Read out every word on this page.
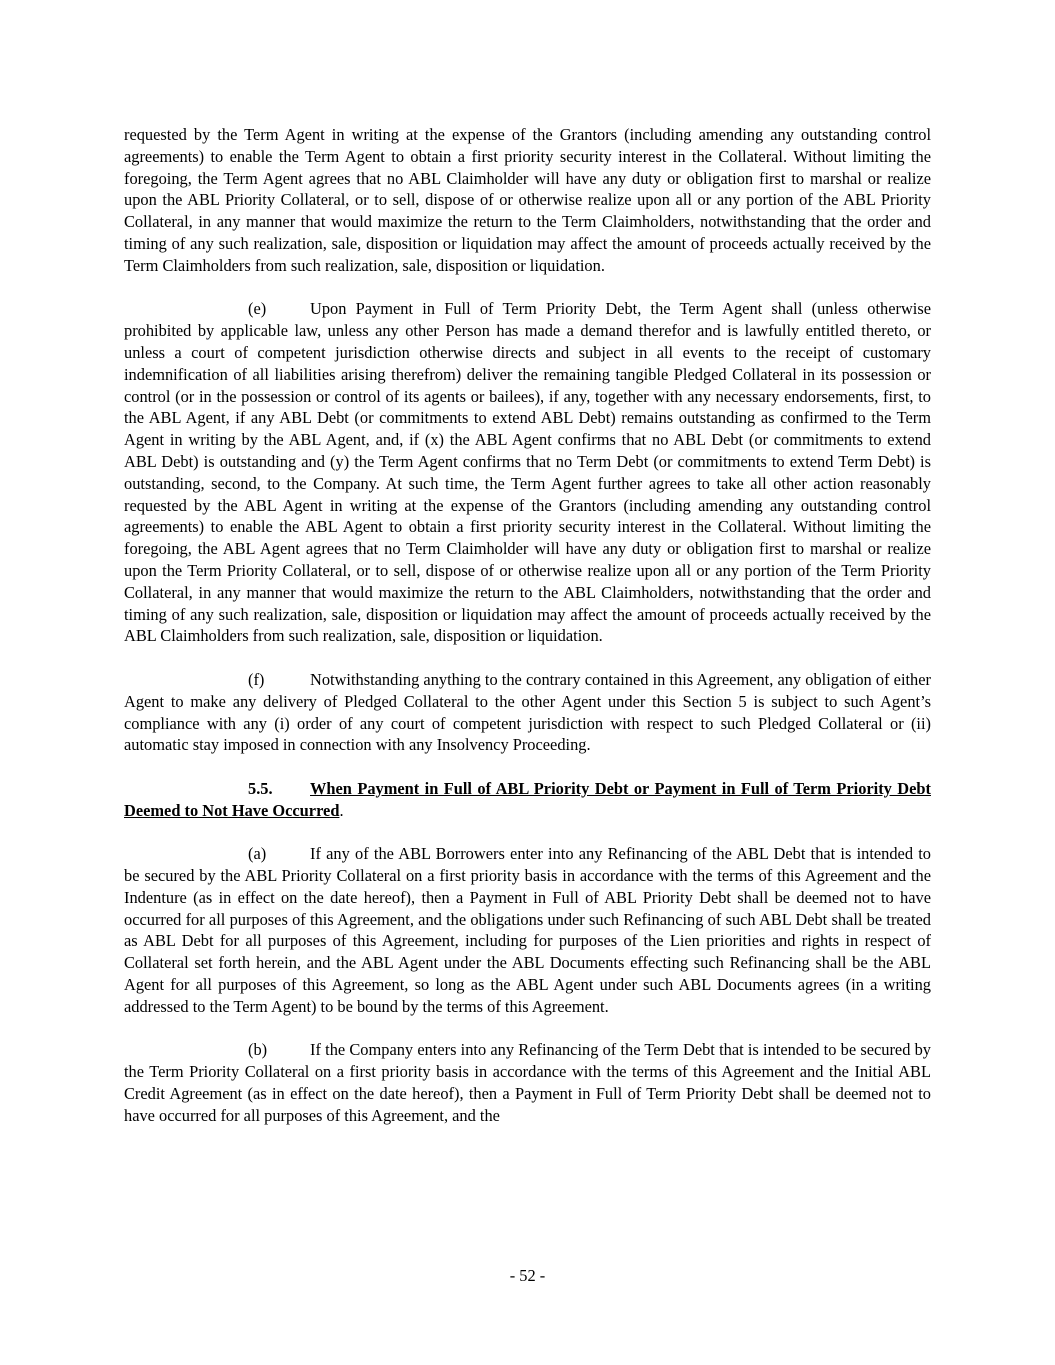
requested by the Term Agent in writing at the expense of the Grantors (including amending any outstanding control agreements) to enable the Term Agent to obtain a first priority security interest in the Collateral. Without limiting the foregoing, the Term Agent agrees that no ABL Claimholder will have any duty or obligation first to marshal or realize upon the ABL Priority Collateral, or to sell, dispose of or otherwise realize upon all or any portion of the ABL Priority Collateral, in any manner that would maximize the return to the Term Claimholders, notwithstanding that the order and timing of any such realization, sale, disposition or liquidation may affect the amount of proceeds actually received by the Term Claimholders from such realization, sale, disposition or liquidation.

(e)	Upon Payment in Full of Term Priority Debt, the Term Agent shall (unless otherwise prohibited by applicable law, unless any other Person has made a demand therefor and is lawfully entitled thereto, or unless a court of competent jurisdiction otherwise directs and subject in all events to the receipt of customary indemnification of all liabilities arising therefrom) deliver the remaining tangible Pledged Collateral in its possession or control (or in the possession or control of its agents or bailees), if any, together with any necessary endorsements, first, to the ABL Agent, if any ABL Debt (or commitments to extend ABL Debt) remains outstanding as confirmed to the Term Agent in writing by the ABL Agent, and, if (x) the ABL Agent confirms that no ABL Debt (or commitments to extend ABL Debt) is outstanding and (y) the Term Agent confirms that no Term Debt (or commitments to extend Term Debt) is outstanding, second, to the Company. At such time, the Term Agent further agrees to take all other action reasonably requested by the ABL Agent in writing at the expense of the Grantors (including amending any outstanding control agreements) to enable the ABL Agent to obtain a first priority security interest in the Collateral. Without limiting the foregoing, the ABL Agent agrees that no Term Claimholder will have any duty or obligation first to marshal or realize upon the Term Priority Collateral, or to sell, dispose of or otherwise realize upon all or any portion of the Term Priority Collateral, in any manner that would maximize the return to the ABL Claimholders, notwithstanding that the order and timing of any such realization, sale, disposition or liquidation may affect the amount of proceeds actually received by the ABL Claimholders from such realization, sale, disposition or liquidation.

(f)	Notwithstanding anything to the contrary contained in this Agreement, any obligation of either Agent to make any delivery of Pledged Collateral to the other Agent under this Section 5 is subject to such Agent’s compliance with any (i) order of any court of competent jurisdiction with respect to such Pledged Collateral or (ii) automatic stay imposed in connection with any Insolvency Proceeding.

5.5. When Payment in Full of ABL Priority Debt or Payment in Full of Term Priority Debt Deemed to Not Have Occurred.

(a)	If any of the ABL Borrowers enter into any Refinancing of the ABL Debt that is intended to be secured by the ABL Priority Collateral on a first priority basis in accordance with the terms of this Agreement and the Indenture (as in effect on the date hereof), then a Payment in Full of ABL Priority Debt shall be deemed not to have occurred for all purposes of this Agreement, and the obligations under such Refinancing of such ABL Debt shall be treated as ABL Debt for all purposes of this Agreement, including for purposes of the Lien priorities and rights in respect of Collateral set forth herein, and the ABL Agent under the ABL Documents effecting such Refinancing shall be the ABL Agent for all purposes of this Agreement, so long as the ABL Agent under such ABL Documents agrees (in a writing addressed to the Term Agent) to be bound by the terms of this Agreement.

(b)	If the Company enters into any Refinancing of the Term Debt that is intended to be secured by the Term Priority Collateral on a first priority basis in accordance with the terms of this Agreement and the Initial ABL Credit Agreement (as in effect on the date hereof), then a Payment in Full of Term Priority Debt shall be deemed not to have occurred for all purposes of this Agreement, and the

- 52 -
